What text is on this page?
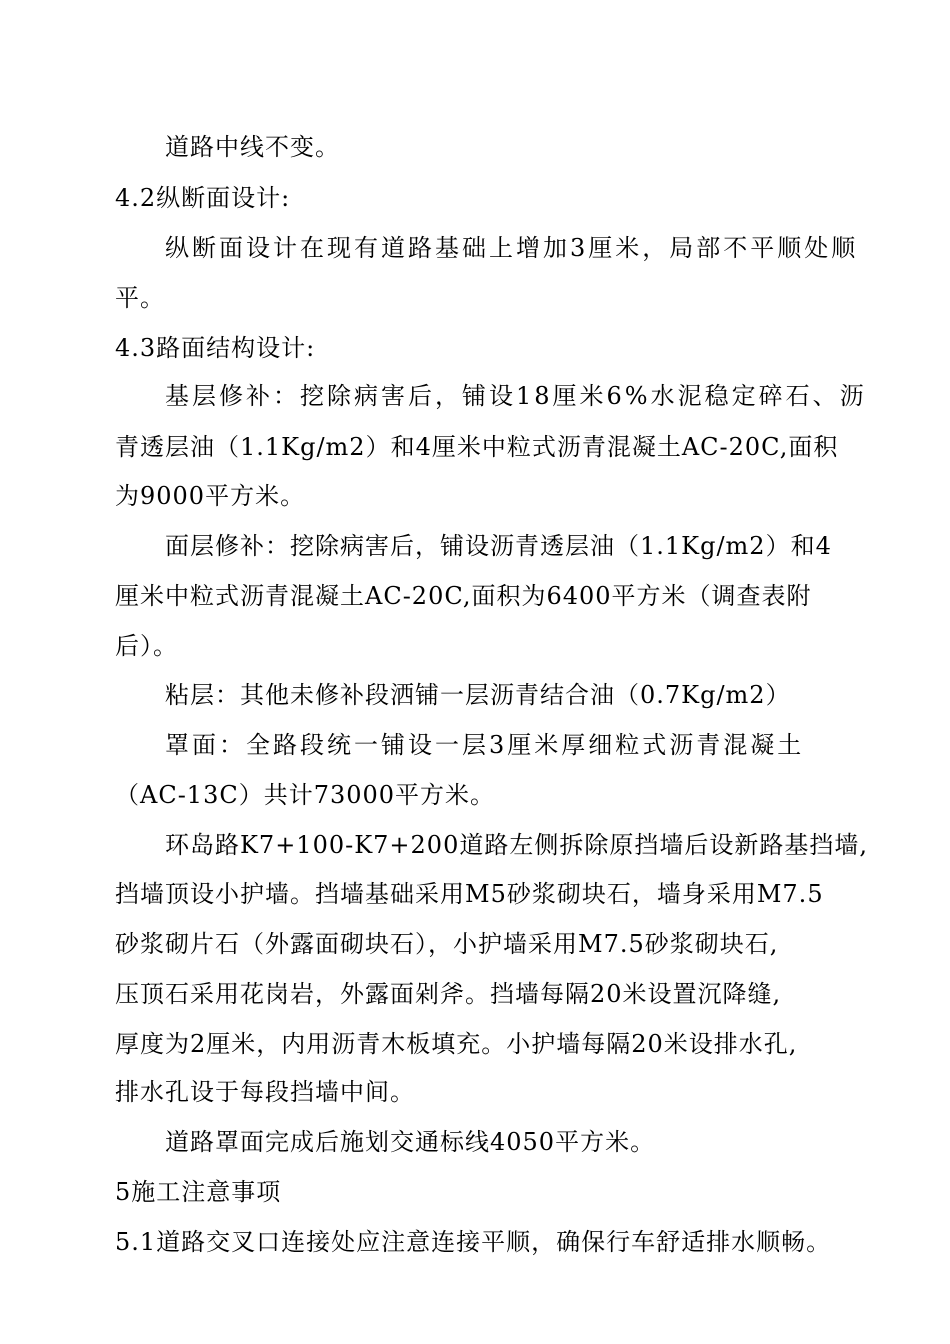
道路中线不变。
4.2纵断面设计:
纵断面设计在现有道路基础上增加3厘米，局部不平顺处顺
平。
4.3路面结构设计:
基层修补：挖除病害后，铺设18厘米6%水泥稳定碎石、沥
青透层油（1.1Kg/m2）和4厘米中粒式沥青混凝土AC-20C,面积
为9000平方米。
面层修补：挖除病害后，铺设沥青透层油（1.1Kg/m2）和4
厘米中粒式沥青混凝土AC-20C,面积为6400平方米（调查表附
后）。
粘层：其他未修补段洒铺一层沥青结合油（0.7Kg/m2）
罩面：全路段统一铺设一层3厘米厚细粒式沥青混凝土
（AC-13C）共计73000平方米。
环岛路K7+100-K7+200道路左侧拆除原挡墙后设新路基挡墙,
挡墙顶设小护墙。挡墙基础采用M5砂浆砌块石，墙身采用M7.5
砂浆砌片石（外露面砌块石），小护墙采用M7.5砂浆砌块石,
压顶石采用花岗岩，外露面剁斧。挡墙每隔20米设置沉降缝,
厚度为2厘米，内用沥青木板填充。小护墙每隔20米设排水孔,
排水孔设于每段挡墙中间。
道路罩面完成后施划交通标线4050平方米。
5施工注意事项
5.1道路交叉口连接处应注意连接平顺，确保行车舒适排水顺畅。
